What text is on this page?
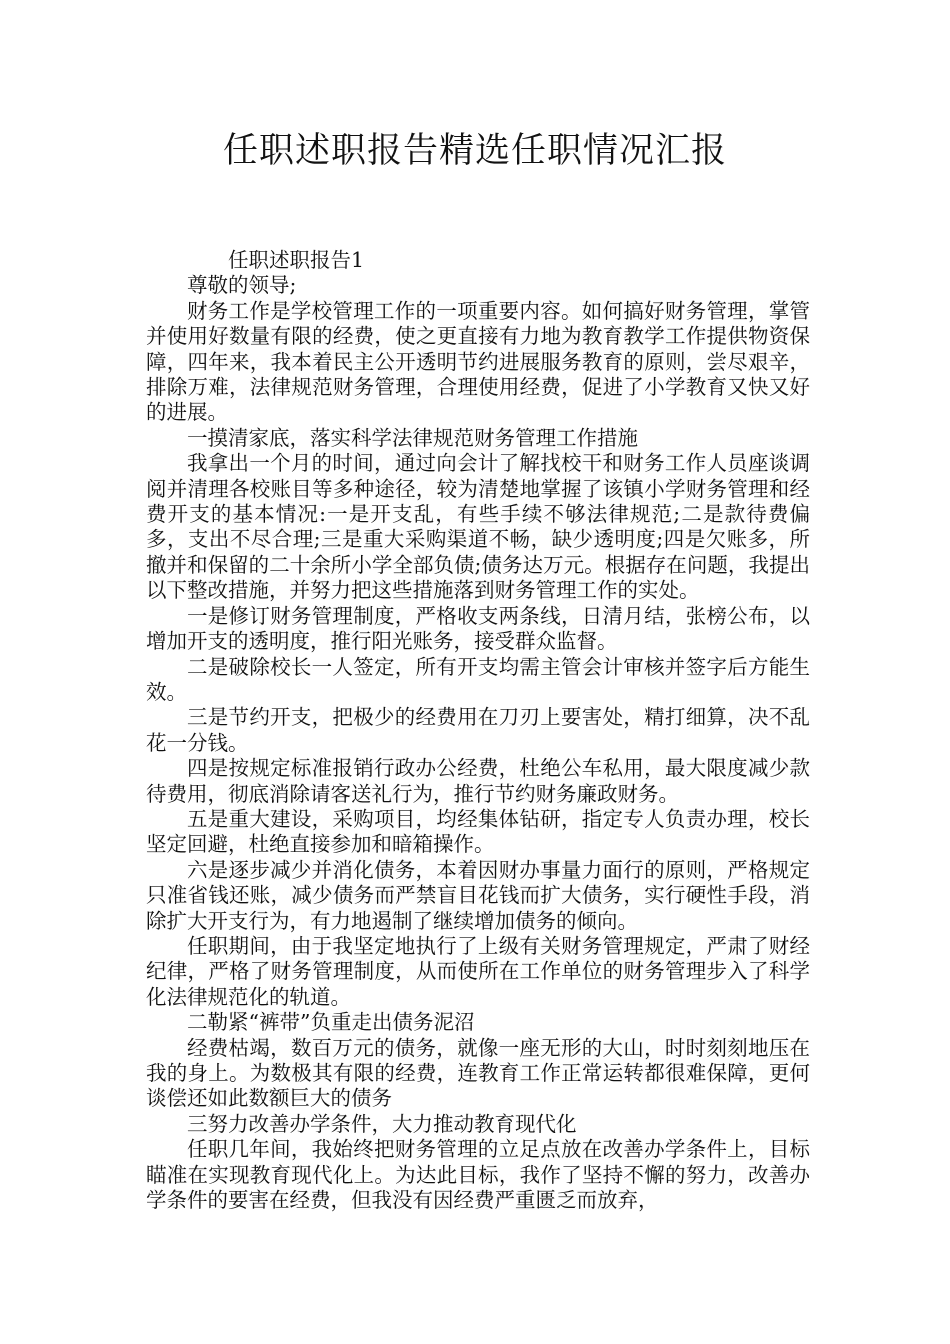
任职述职报告精选任职情况汇报

任职述职报告1

尊敬的领导;

财务工作是学校管理工作的一项重要内容。如何搞好财务管理，掌管并使用好数量有限的经费，使之更直接有力地为教育教学工作提供物资保障，四年来，我本着民主公开透明节约进展服务教育的原则，尝尽艰辛，排除万难，法律规范财务管理，合理使用经费，促进了小学教育又快又好的进展。

一摸清家底，落实科学法律规范财务管理工作措施

我拿出一个月的时间，通过向会计了解找校干和财务工作人员座谈调阅并清理各校账目等多种途径，较为清楚地掌握了该镇小学财务管理和经费开支的基本情况:一是开支乱，有些手续不够法律规范;二是款待费偏多，支出不尽合理;三是重大采购渠道不畅，缺少透明度;四是欠账多，所撤并和保留的二十余所小学全部负债;债务达万元。根据存在问题，我提出以下整改措施，并努力把这些措施落到财务管理工作的实处。

一是修订财务管理制度，严格收支两条线，日清月结，张榜公布，以增加开支的透明度，推行阳光账务，接受群众监督。

二是破除校长一人签定，所有开支均需主管会计审核并签字后方能生效。

三是节约开支，把极少的经费用在刀刃上要害处，精打细算，决不乱花一分钱。

四是按规定标准报销行政办公经费，杜绝公车私用，最大限度减少款待费用，彻底消除请客送礼行为，推行节约财务廉政财务。

五是重大建设，采购项目，均经集体钻研，指定专人负责办理，校长坚定回避，杜绝直接参加和暗箱操作。

六是逐步减少并消化债务，本着因财办事量力面行的原则，严格规定只准省钱还账，减少债务而严禁盲目花钱而扩大债务，实行硬性手段，消除扩大开支行为，有力地遏制了继续增加债务的倾向。

任职期间，由于我坚定地执行了上级有关财务管理规定，严肃了财经纪律，严格了财务管理制度，从而使所在工作单位的财务管理步入了科学化法律规范化的轨道。

二勒紧“裤带”负重走出债务泥沼

经费枯竭，数百万元的债务，就像一座无形的大山，时时刻刻地压在我的身上。为数极其有限的经费，连教育工作正常运转都很难保障，更何谈偿还如此数额巨大的债务

三努力改善办学条件，大力推动教育现代化

任职几年间，我始终把财务管理的立足点放在改善办学条件上，目标瞄准在实现教育现代化上。为达此目标，我作了坚持不懈的努力，改善办学条件的要害在经费，但我没有因经费严重匮乏而放弃，
